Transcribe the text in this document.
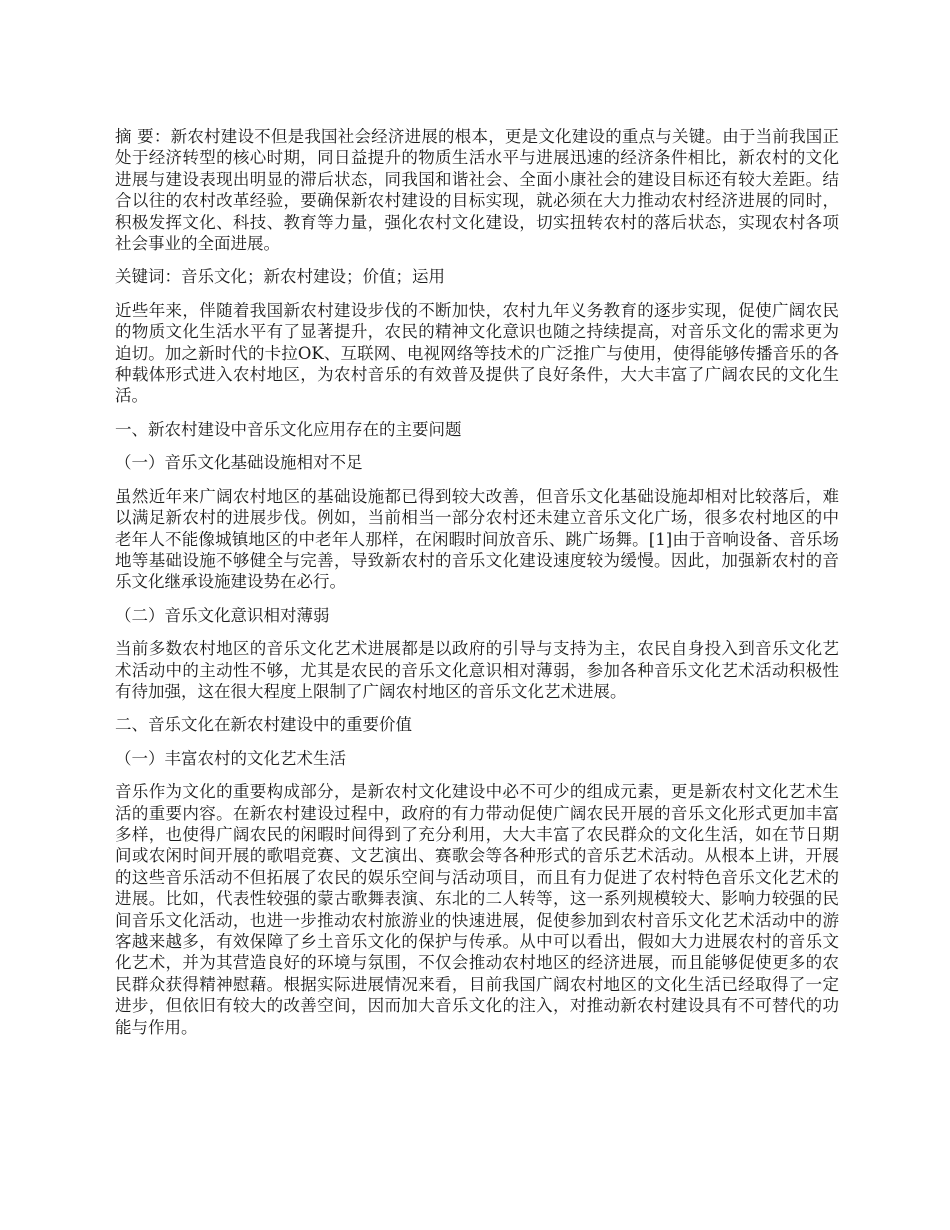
摘 要：新农村建设不但是我国社会经济进展的根本，更是文化建设的重点与关键。由于当前我国正处于经济转型的核心时期，同日益提升的物质生活水平与进展迅速的经济条件相比，新农村的文化进展与建设表现出明显的滞后状态，同我国和谐社会、全面小康社会的建设目标还有较大差距。结合以往的农村改革经验，要确保新农村建设的目标实现，就必须在大力推动农村经济进展的同时，积极发挥文化、科技、教育等力量，强化农村文化建设，切实扭转农村的落后状态，实现农村各项社会事业的全面进展。

关键词：音乐文化；新农村建设；价值；运用

近些年来，伴随着我国新农村建设步伐的不断加快，农村九年义务教育的逐步实现，促使广阔农民的物质文化生活水平有了显著提升，农民的精神文化意识也随之持续提高，对音乐文化的需求更为迫切。加之新时代的卡拉OK、互联网、电视网络等技术的广泛推广与使用，使得能够传播音乐的各种载体形式进入农村地区，为农村音乐的有效普及提供了良好条件，大大丰富了广阔农民的文化生活。

一、新农村建设中音乐文化应用存在的主要问题

（一）音乐文化基础设施相对不足

虽然近年来广阔农村地区的基础设施都已得到较大改善，但音乐文化基础设施却相对比较落后，难以满足新农村的进展步伐。例如，当前相当一部分农村还未建立音乐文化广场，很多农村地区的中老年人不能像城镇地区的中老年人那样，在闲暇时间放音乐、跳广场舞。[1]由于音响设备、音乐场地等基础设施不够健全与完善，导致新农村的音乐文化建设速度较为缓慢。因此，加强新农村的音乐文化继承设施建设势在必行。

（二）音乐文化意识相对薄弱

当前多数农村地区的音乐文化艺术进展都是以政府的引导与支持为主，农民自身投入到音乐文化艺术活动中的主动性不够，尤其是农民的音乐文化意识相对薄弱，参加各种音乐文化艺术活动积极性有待加强，这在很大程度上限制了广阔农村地区的音乐文化艺术进展。

二、音乐文化在新农村建设中的重要价值

（一）丰富农村的文化艺术生活

音乐作为文化的重要构成部分，是新农村文化建设中必不可少的组成元素，更是新农村文化艺术生活的重要内容。在新农村建设过程中，政府的有力带动促使广阔农民开展的音乐文化形式更加丰富多样，也使得广阔农民的闲暇时间得到了充分利用，大大丰富了农民群众的文化生活，如在节日期间或农闲时间开展的歌唱竞赛、文艺演出、赛歌会等各种形式的音乐艺术活动。从根本上讲，开展的这些音乐活动不但拓展了农民的娱乐空间与活动项目，而且有力促进了农村特色音乐文化艺术的进展。比如，代表性较强的蒙古歌舞表演、东北的二人转等，这一系列规模较大、影响力较强的民间音乐文化活动，也进一步推动农村旅游业的快速进展，促使参加到农村音乐文化艺术活动中的游客越来越多，有效保障了乡土音乐文化的保护与传承。从中可以看出，假如大力进展农村的音乐文化艺术，并为其营造良好的环境与氛围，不仅会推动农村地区的经济进展，而且能够促使更多的农民群众获得精神慰藉。根据实际进展情况来看，目前我国广阔农村地区的文化生活已经取得了一定进步，但依旧有较大的改善空间，因而加大音乐文化的注入，对推动新农村建设具有不可替代的功能与作用。
